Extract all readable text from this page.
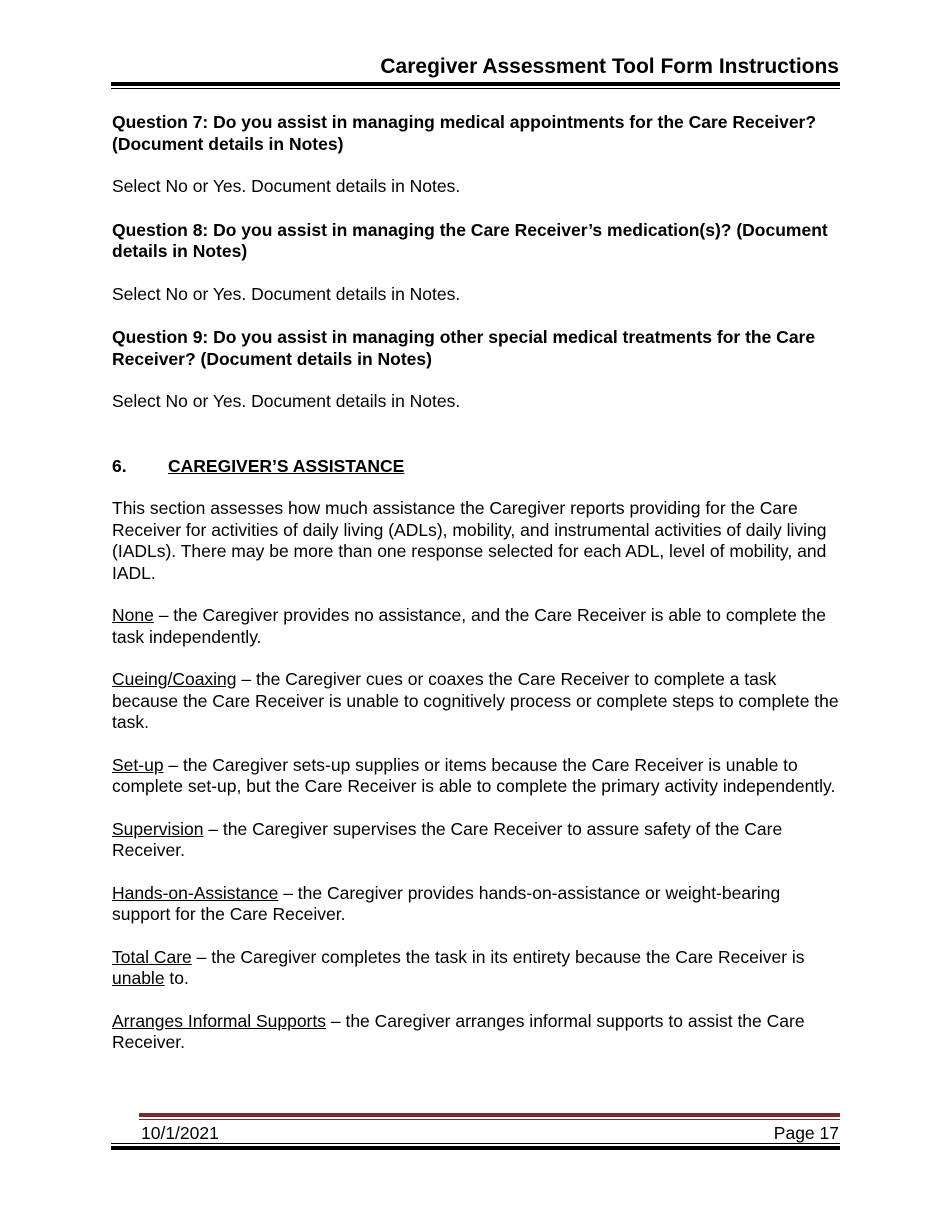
Caregiver Assessment Tool Form Instructions

Question 7: Do you assist in managing medical appointments for the Care Receiver? (Document details in Notes)

Select No or Yes. Document details in Notes.

Question 8: Do you assist in managing the Care Receiver’s medication(s)? (Document details in Notes)

Select No or Yes. Document details in Notes.

Question 9: Do you assist in managing other special medical treatments for the Care Receiver? (Document details in Notes)

Select No or Yes. Document details in Notes.

6. CAREGIVER’S ASSISTANCE

This section assesses how much assistance the Caregiver reports providing for the Care Receiver for activities of daily living (ADLs), mobility, and instrumental activities of daily living (IADLs). There may be more than one response selected for each ADL, level of mobility, and IADL.

None – the Caregiver provides no assistance, and the Care Receiver is able to complete the task independently.

Cueing/Coaxing – the Caregiver cues or coaxes the Care Receiver to complete a task because the Care Receiver is unable to cognitively process or complete steps to complete the task.

Set-up – the Caregiver sets-up supplies or items because the Care Receiver is unable to complete set-up, but the Care Receiver is able to complete the primary activity independently.

Supervision – the Caregiver supervises the Care Receiver to assure safety of the Care Receiver.

Hands-on-Assistance – the Caregiver provides hands-on-assistance or weight-bearing support for the Care Receiver.

Total Care – the Caregiver completes the task in its entirety because the Care Receiver is unable to.

Arranges Informal Supports – the Caregiver arranges informal supports to assist the Care Receiver.

10/1/2021	Page 17
